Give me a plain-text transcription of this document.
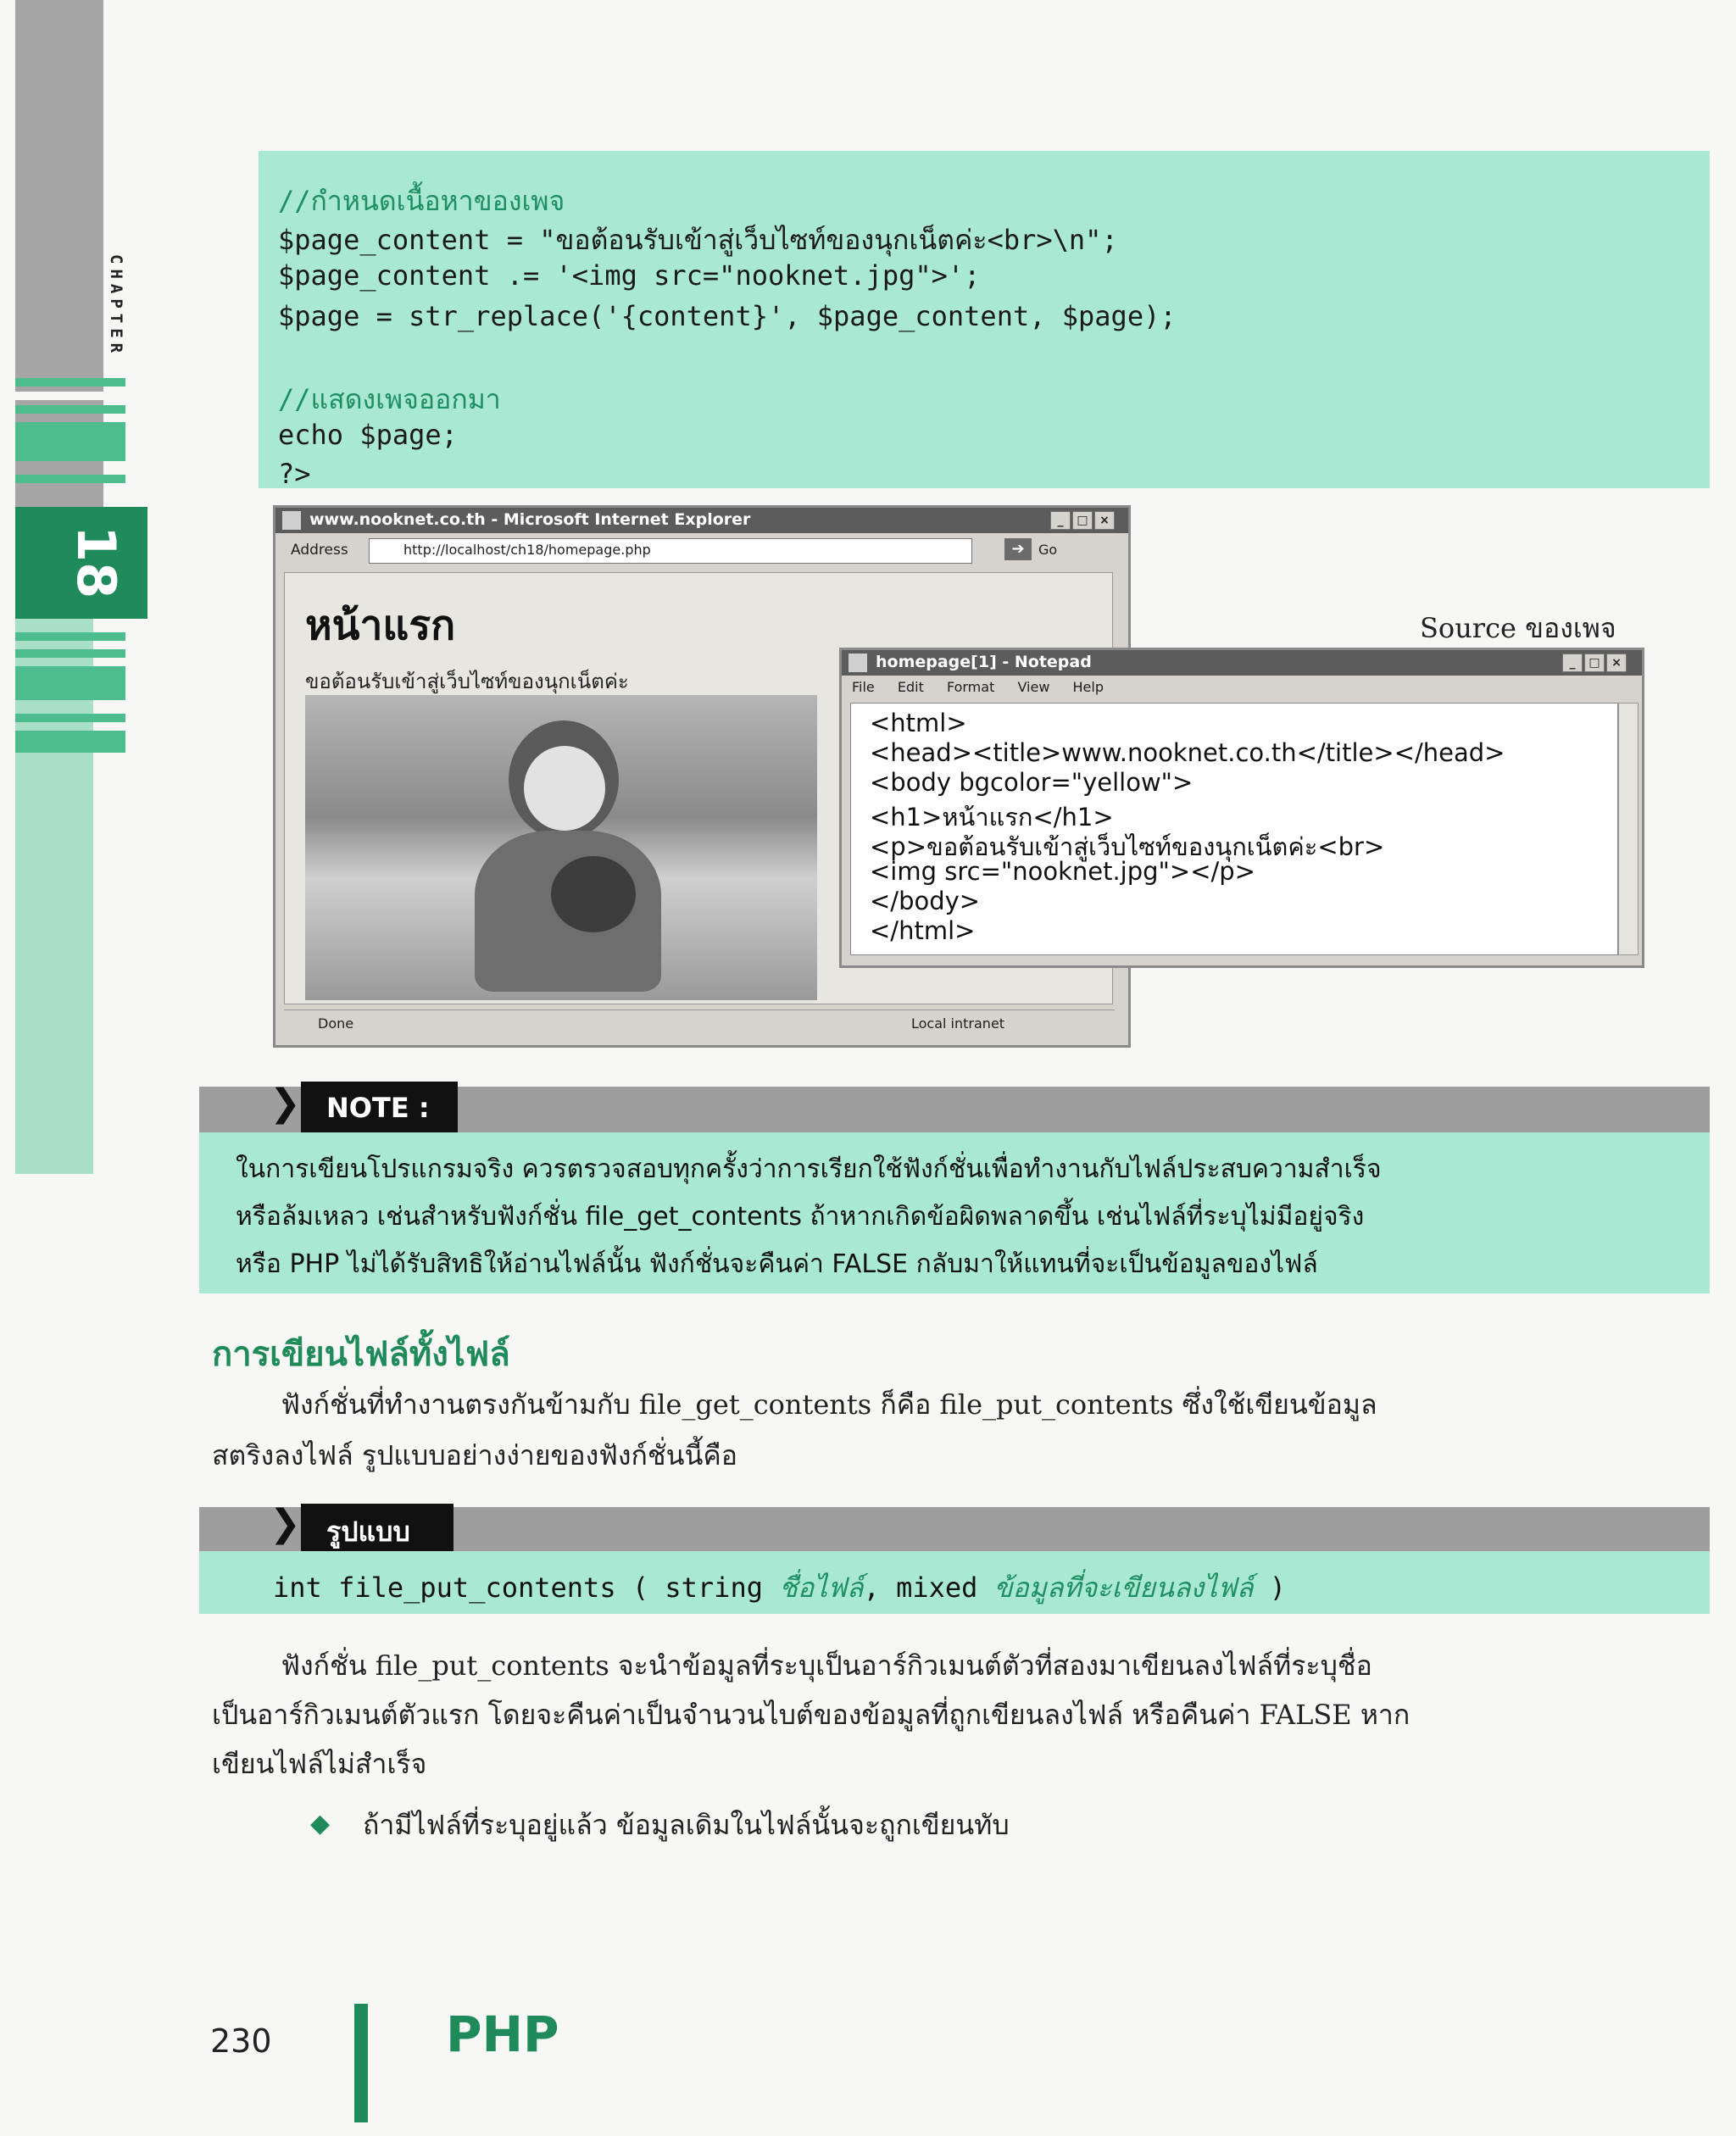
CHAPTER
18
//กำหนดเนื้อหาของเพจ
$page_content = "ขอต้อนรับเข้าสู่เว็บไซท์ของนุกเน็ตค่ะ<br>\n";
$page_content .= '<img src="nooknet.jpg">';
$page = str_replace('{content}', $page_content, $page);
//แสดงเพจออกมา
echo $page;
?>
www.nooknet.co.th - Microsoft Internet Explorer	_	□ ×
Address	http://localhost/ch18/homepage.php	➔	Go
หน้าแรก
ขอต้อนรับเข้าสู่เว็บไซท์ของนุกเน็ตค่ะ
Done	Local intranet
Source ของเพจ
homepage[1] - Notepad	_	□ ×
File Edit Format View Help
<html>
<head><title>www.nooknet.co.th</title></head>
<body bgcolor="yellow">
<h1>หน้าแรก</h1>
<p>ขอต้อนรับเข้าสู่เว็บไซท์ของนุกเน็ตค่ะ<br>
<img src="nooknet.jpg"></p>
</body>
</html>
❯ NOTE :
ในการเขียนโปรแกรมจริง ควรตรวจสอบทุกครั้งว่าการเรียกใช้ฟังก์ชั่นเพื่อทำงานกับไฟล์ประสบความสำเร็จ
หรือล้มเหลว เช่นสำหรับฟังก์ชั่น file_get_contents ถ้าหากเกิดข้อผิดพลาดขึ้น เช่นไฟล์ที่ระบุไม่มีอยู่จริง
หรือ PHP ไม่ได้รับสิทธิให้อ่านไฟล์นั้น ฟังก์ชั่นจะคืนค่า FALSE กลับมาให้แทนที่จะเป็นข้อมูลของไฟล์
การเขียนไฟล์ทั้งไฟล์
ฟังก์ชั่นที่ทำงานตรงกันข้ามกับ file_get_contents ก็คือ file_put_contents ซึ่งใช้เขียนข้อมูล
สตริงลงไฟล์ รูปแบบอย่างง่ายของฟังก์ชั่นนี้คือ
❯ รูปแบบ
int file_put_contents ( string ชื่อไฟล์, mixed ข้อมูลที่จะเขียนลงไฟล์ )
ฟังก์ชั่น file_put_contents จะนำข้อมูลที่ระบุเป็นอาร์กิวเมนต์ตัวที่สองมาเขียนลงไฟล์ที่ระบุชื่อ
เป็นอาร์กิวเมนต์ตัวแรก โดยจะคืนค่าเป็นจำนวนไบต์ของข้อมูลที่ถูกเขียนลงไฟล์ หรือคืนค่า FALSE หาก
เขียนไฟล์ไม่สำเร็จ
◆ ถ้ามีไฟล์ที่ระบุอยู่แล้ว ข้อมูลเดิมในไฟล์นั้นจะถูกเขียนทับ
230	PHP
